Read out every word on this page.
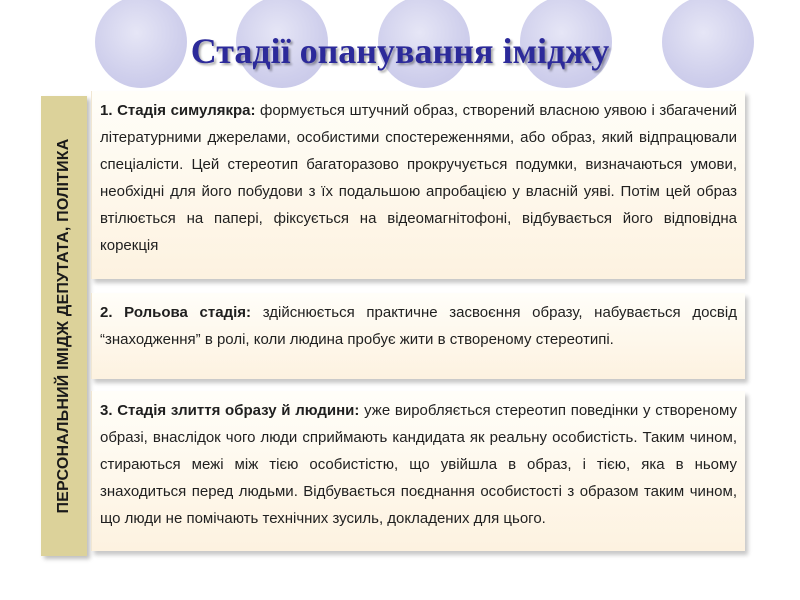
Стадії опанування іміджу
ПЕРСОНАЛЬНИЙ ІМІДЖ ДЕПУТАТА, ПОЛІТИКА
1. Стадія симулякра: формується штучний образ, створений власною уявою і збагачений літературними джерелами, особистими спостереженнями, або образ, який відпрацювали спеціалісти. Цей стереотип багаторазово прокручується подумки, визначаються умови, необхідні для його побудови з їх подальшою апробацією у власній уяві. Потім цей образ втілюється на папері, фіксується на відеомагнітофоні, відбувається його відповідна корекція
2. Рольова стадія: здійснюється практичне засвоєння образу, набувається досвід “знаходження” в ролі, коли людина пробує жити в створеному стереотипі.
3. Стадія злиття образу й людини: уже виробляється стереотип поведінки у створеному образі, внаслідок чого люди сприймають кандидата як реальну особистість. Таким чином, стираються межі між тією особистістю, що увійшла в образ, і тією, яка в ньому знаходиться перед людьми. Відбувається поєднання особистості з образом таким чином, що люди не помічають технічних зусиль, докладених для цього.
